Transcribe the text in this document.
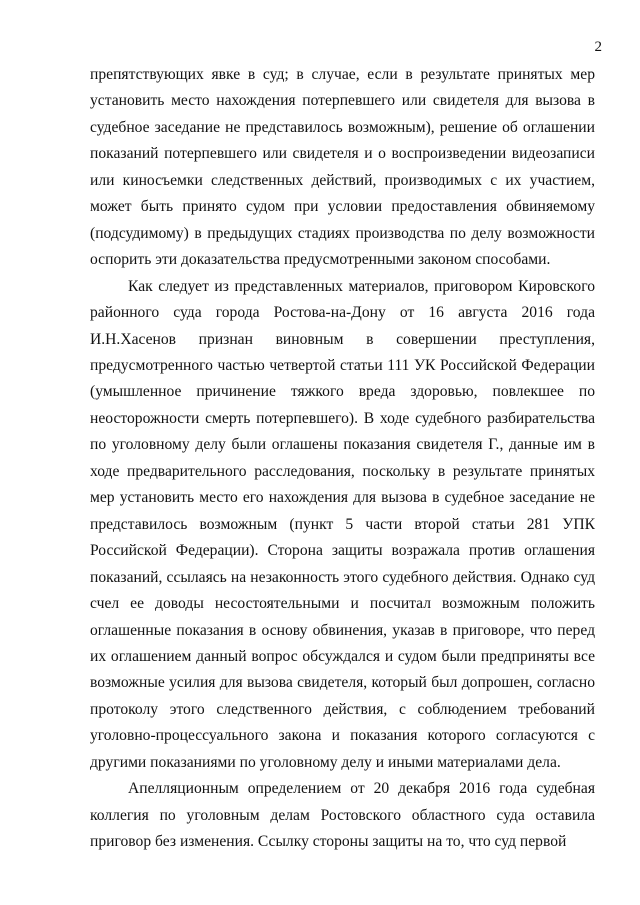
2

препятствующих явке в суд; в случае, если в результате принятых мер установить место нахождения потерпевшего или свидетеля для вызова в судебное заседание не представилось возможным), решение об оглашении показаний потерпевшего или свидетеля и о воспроизведении видеозаписи или киносъемки следственных действий, производимых с их участием, может быть принято судом при условии предоставления обвиняемому (подсудимому) в предыдущих стадиях производства по делу возможности оспорить эти доказательства предусмотренными законом способами.

Как следует из представленных материалов, приговором Кировского районного суда города Ростова-на-Дону от 16 августа 2016 года И.Н.Хасенов признан виновным в совершении преступления, предусмотренного частью четвертой статьи 111 УК Российской Федерации (умышленное причинение тяжкого вреда здоровью, повлекшее по неосторожности смерть потерпевшего). В ходе судебного разбирательства по уголовному делу были оглашены показания свидетеля Г., данные им в ходе предварительного расследования, поскольку в результате принятых мер установить место его нахождения для вызова в судебное заседание не представилось возможным (пункт 5 части второй статьи 281 УПК Российской Федерации). Сторона защиты возражала против оглашения показаний, ссылаясь на незаконность этого судебного действия. Однако суд счел ее доводы несостоятельными и посчитал возможным положить оглашенные показания в основу обвинения, указав в приговоре, что перед их оглашением данный вопрос обсуждался и судом были предприняты все возможные усилия для вызова свидетеля, который был допрошен, согласно протоколу этого следственного действия, с соблюдением требований уголовно-процессуального закона и показания которого согласуются с другими показаниями по уголовному делу и иными материалами дела.

Апелляционным определением от 20 декабря 2016 года судебная коллегия по уголовным делам Ростовского областного суда оставила приговор без изменения. Ссылку стороны защиты на то, что суд первой
